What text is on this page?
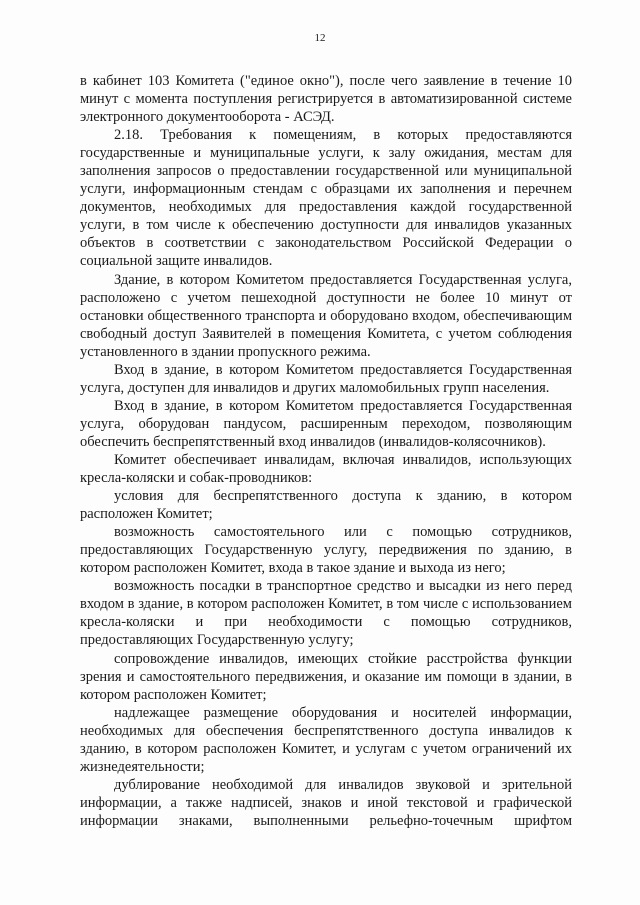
12

в кабинет 103 Комитета ("единое окно"), после чего заявление в течение 10 минут с момента поступления регистрируется в автоматизированной системе электронного документооборота - АСЭД.

2.18. Требования к помещениям, в которых предоставляются государственные и муниципальные услуги, к залу ожидания, местам для заполнения запросов о предоставлении государственной или муниципальной услуги, информационным стендам с образцами их заполнения и перечнем документов, необходимых для предоставления каждой государственной услуги, в том числе к обеспечению доступности для инвалидов указанных объектов в соответствии с законодательством Российской Федерации о социальной защите инвалидов.

Здание, в котором Комитетом предоставляется Государственная услуга, расположено с учетом пешеходной доступности не более 10 минут от остановки общественного транспорта и оборудовано входом, обеспечивающим свободный доступ Заявителей в помещения Комитета, с учетом соблюдения установленного в здании пропускного режима.

Вход в здание, в котором Комитетом предоставляется Государственная услуга, доступен для инвалидов и других маломобильных групп населения.

Вход в здание, в котором Комитетом предоставляется Государственная услуга, оборудован пандусом, расширенным переходом, позволяющим обеспечить беспрепятственный вход инвалидов (инвалидов-колясочников).

Комитет обеспечивает инвалидам, включая инвалидов, использующих кресла-коляски и собак-проводников:

условия для беспрепятственного доступа к зданию, в котором расположен Комитет;

возможность самостоятельного или с помощью сотрудников, предоставляющих Государственную услугу, передвижения по зданию, в котором расположен Комитет, входа в такое здание и выхода из него;

возможность посадки в транспортное средство и высадки из него перед входом в здание, в котором расположен Комитет, в том числе с использованием кресла-коляски и при необходимости с помощью сотрудников, предоставляющих Государственную услугу;

сопровождение инвалидов, имеющих стойкие расстройства функции зрения и самостоятельного передвижения, и оказание им помощи в здании, в котором расположен Комитет;

надлежащее размещение оборудования и носителей информации, необходимых для обеспечения беспрепятственного доступа инвалидов к зданию, в котором расположен Комитет, и услугам с учетом ограничений их жизнедеятельности;

дублирование необходимой для инвалидов звуковой и зрительной информации, а также надписей, знаков и иной текстовой и графической информации знаками, выполненными рельефно-точечным шрифтом
